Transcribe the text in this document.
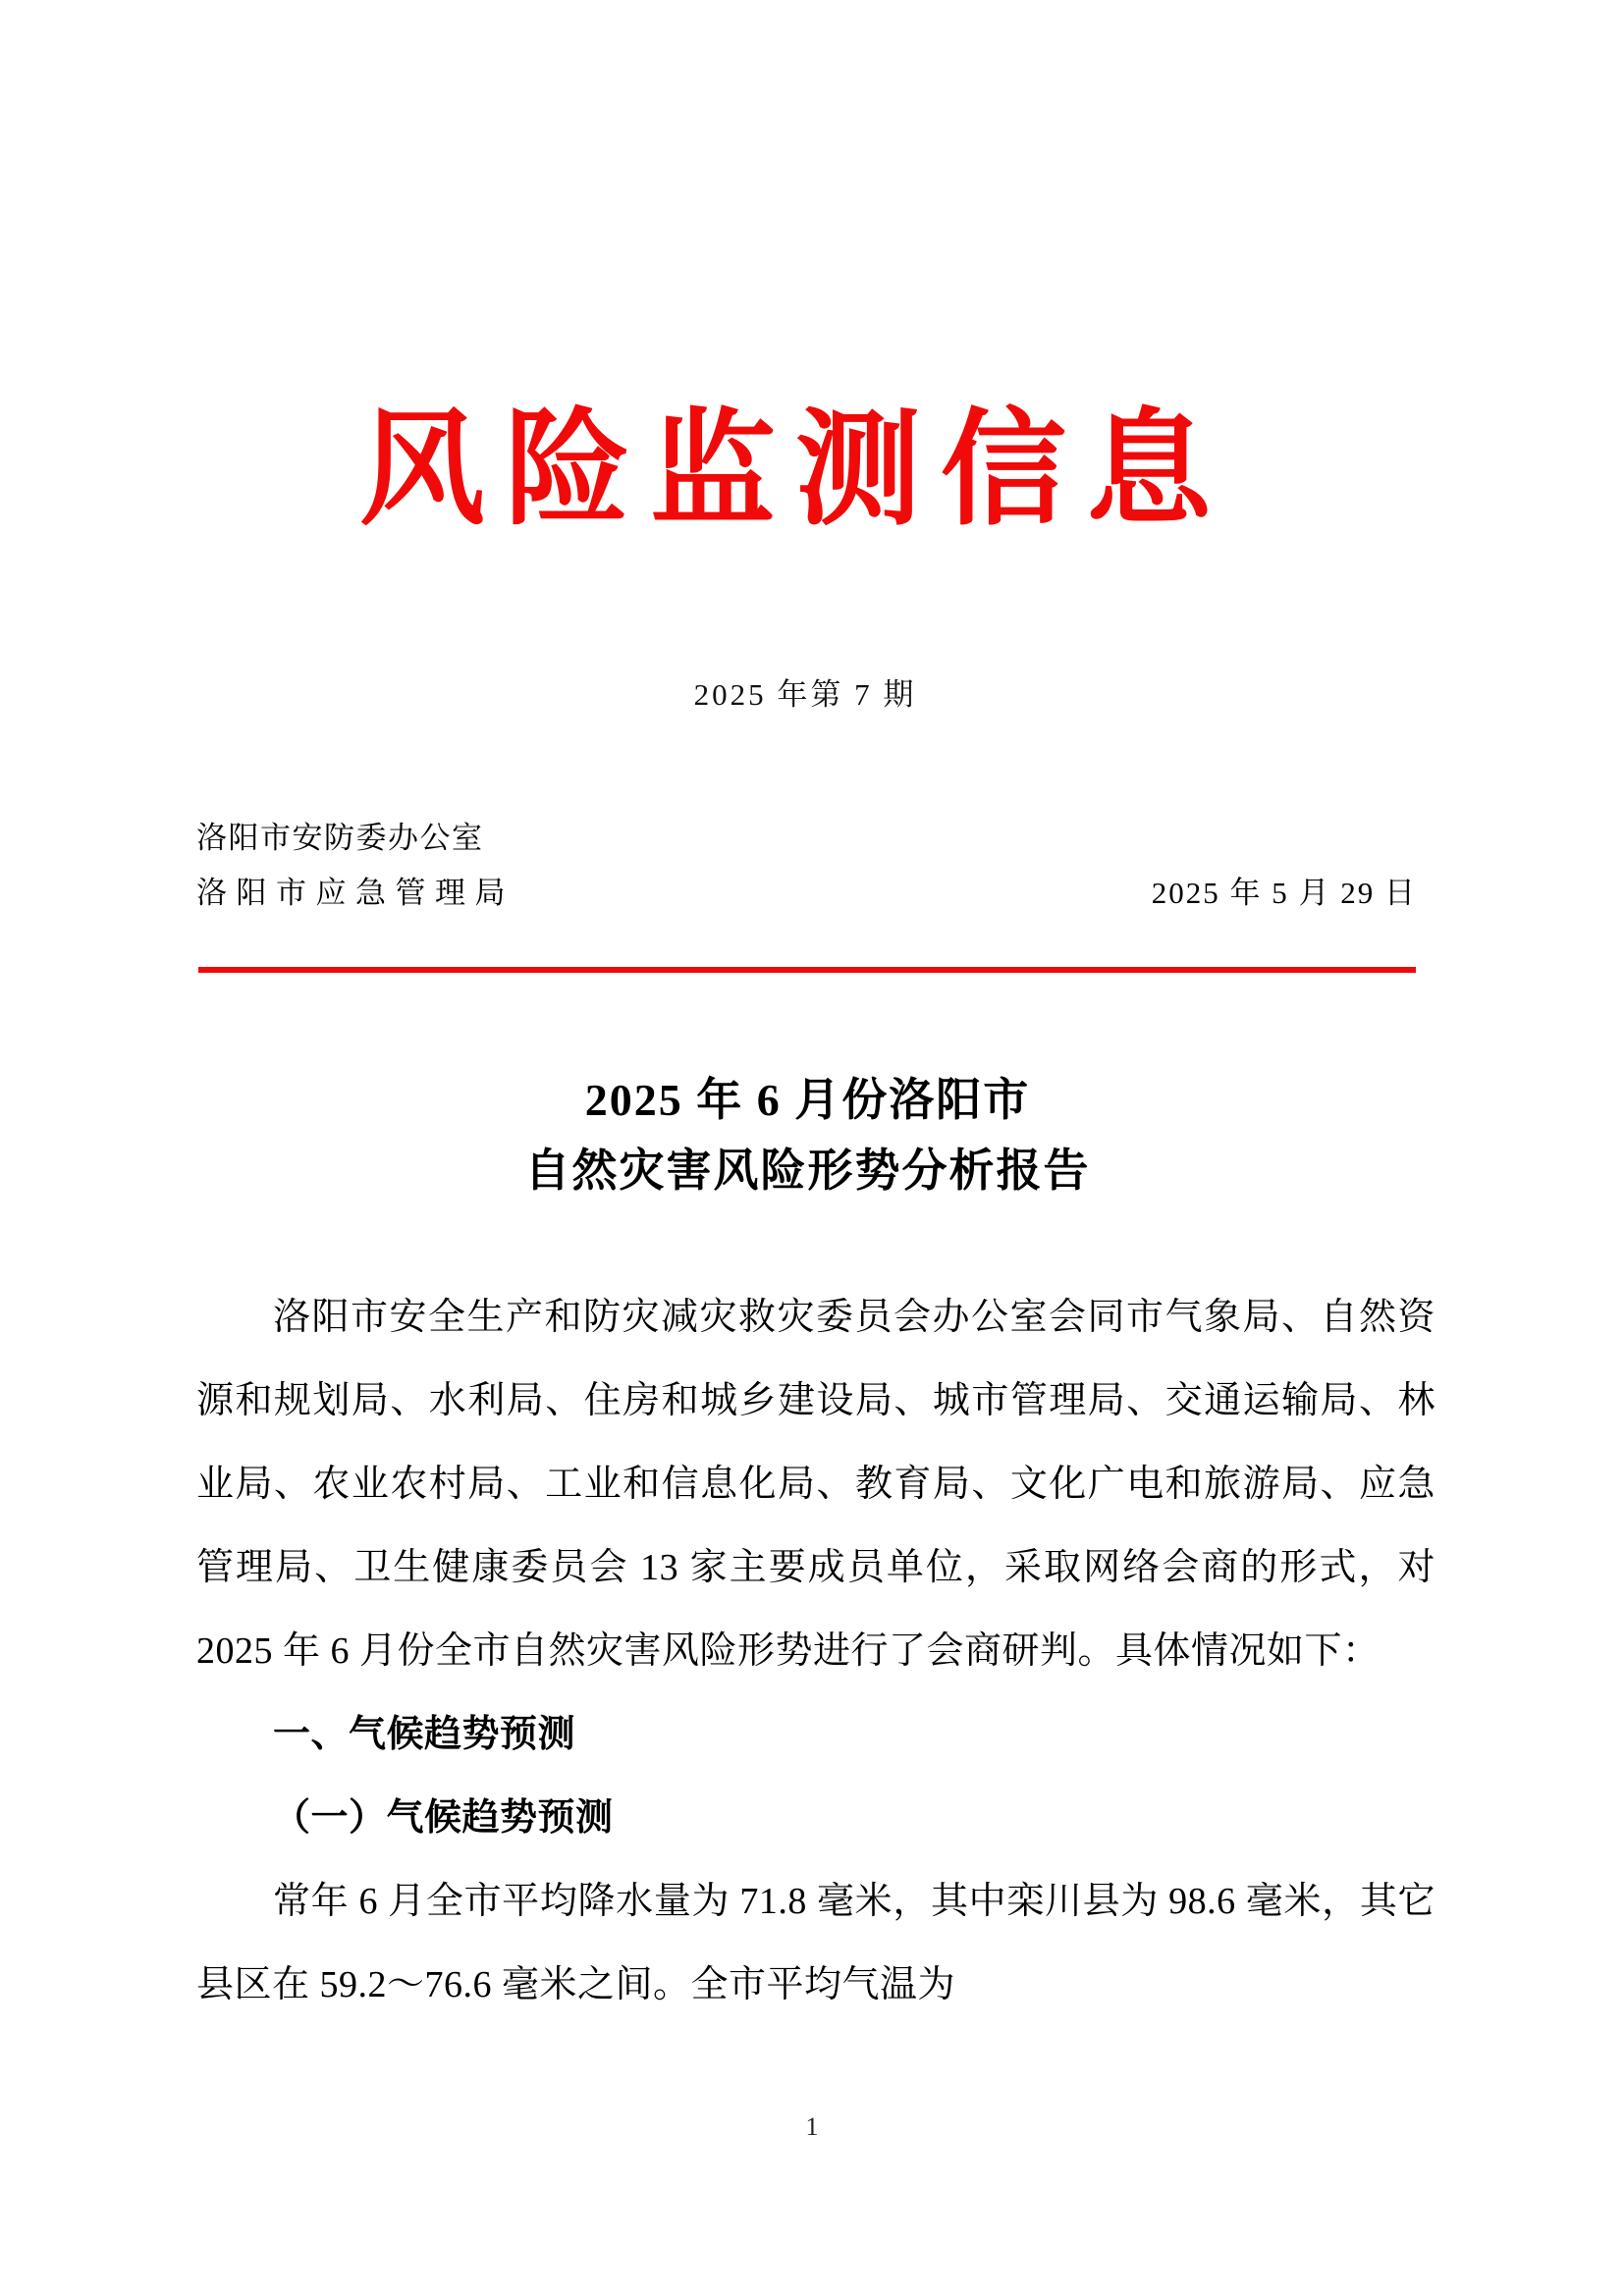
风险监测信息
2025 年第 7 期
洛阳市安防委办公室
洛阳市应急管理局	2025 年 5 月 29 日
2025 年 6 月份洛阳市
自然灾害风险形势分析报告

洛阳市安全生产和防灾减灾救灾委员会办公室会同市气象局、自然资源和规划局、水利局、住房和城乡建设局、城市管理局、交通运输局、林业局、农业农村局、工业和信息化局、教育局、文化广电和旅游局、应急管理局、卫生健康委员会 13 家主要成员单位，采取网络会商的形式，对 2025 年 6 月份全市自然灾害风险形势进行了会商研判。具体情况如下：

一、气候趋势预测
（一）气候趋势预测

常年 6 月全市平均降水量为 71.8 毫米，其中栾川县为 98.6 毫米，其它县区在 59.2～76.6 毫米之间。全市平均气温为

1
